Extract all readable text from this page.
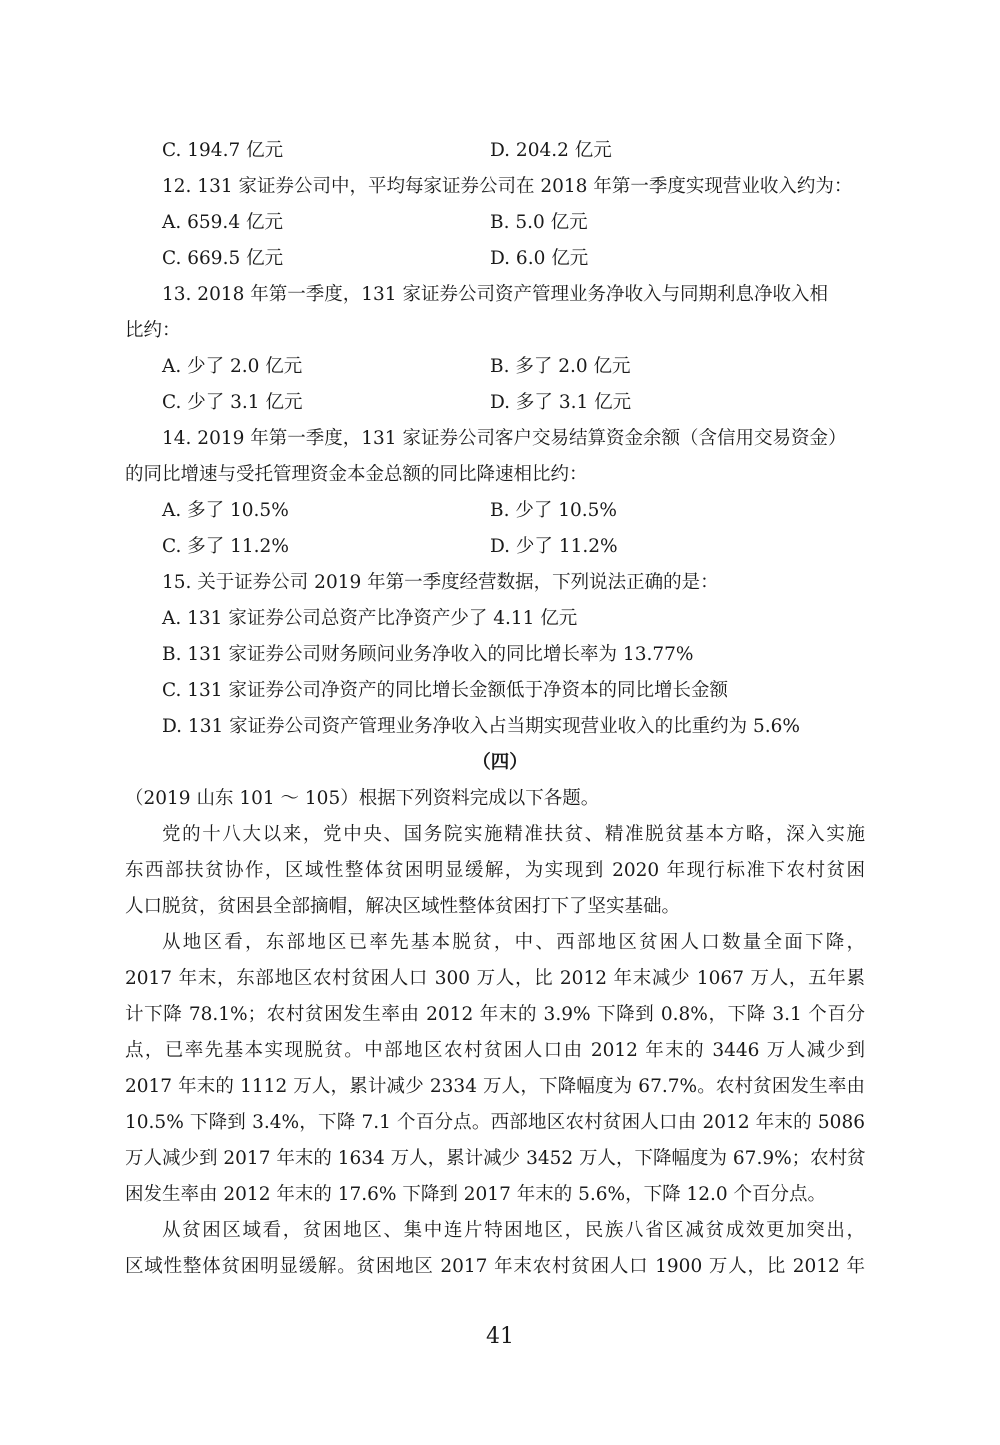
C. 194.7 亿元	D. 204.2 亿元
12. 131 家证券公司中，平均每家证券公司在 2018 年第一季度实现营业收入约为：
A. 659.4 亿元	B. 5.0 亿元
C. 669.5 亿元	D. 6.0 亿元
13. 2018 年第一季度，131 家证券公司资产管理业务净收入与同期利息净收入相
比约：
A. 少了 2.0 亿元	B. 多了 2.0 亿元
C. 少了 3.1 亿元	D. 多了 3.1 亿元
14. 2019 年第一季度，131 家证券公司客户交易结算资金余额（含信用交易资金）
的同比增速与受托管理资金本金总额的同比降速相比约：
A. 多了 10.5%	B. 少了 10.5%
C. 多了 11.2%	D. 少了 11.2%
15. 关于证券公司 2019 年第一季度经营数据，下列说法正确的是：
A. 131 家证券公司总资产比净资产少了 4.11 亿元
B. 131 家证券公司财务顾问业务净收入的同比增长率为 13.77%
C. 131 家证券公司净资产的同比增长金额低于净资本的同比增长金额
D. 131 家证券公司资产管理业务净收入占当期实现营业收入的比重约为 5.6%
（四）
（2019 山东 101 ～ 105）根据下列资料完成以下各题。
党的十八大以来，党中央、国务院实施精准扶贫、精准脱贫基本方略，深入实施
东西部扶贫协作，区域性整体贫困明显缓解，为实现到 2020 年现行标准下农村贫困
人口脱贫，贫困县全部摘帽，解决区域性整体贫困打下了坚实基础。
从地区看，东部地区已率先基本脱贫，中、西部地区贫困人口数量全面下降，
2017 年末，东部地区农村贫困人口 300 万人，比 2012 年末减少 1067 万人，五年累
计下降 78.1%；农村贫困发生率由 2012 年末的 3.9% 下降到 0.8%，下降 3.1 个百分
点，已率先基本实现脱贫。中部地区农村贫困人口由 2012 年末的 3446 万人减少到
2017 年末的 1112 万人，累计减少 2334 万人，下降幅度为 67.7%。农村贫困发生率由
10.5% 下降到 3.4%，下降 7.1 个百分点。西部地区农村贫困人口由 2012 年末的 5086
万人减少到 2017 年末的 1634 万人，累计减少 3452 万人，下降幅度为 67.9%；农村贫
困发生率由 2012 年末的 17.6% 下降到 2017 年末的 5.6%，下降 12.0 个百分点。
从贫困区域看，贫困地区、集中连片特困地区，民族八省区减贫成效更加突出，
区域性整体贫困明显缓解。贫困地区 2017 年末农村贫困人口 1900 万人，比 2012 年
41
